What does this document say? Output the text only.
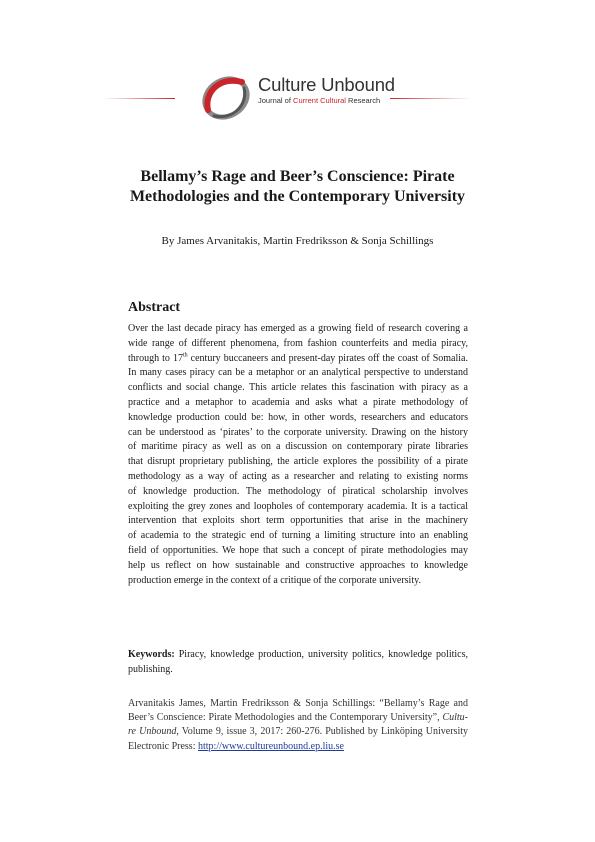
Culture Unbound
Journal of Current Cultural Research
Bellamy’s Rage and Beer’s Conscience: Pirate
Methodologies and the Contemporary University
By James Arvanitakis, Martin Fredriksson & Sonja Schillings
Abstract
Over the last decade piracy has emerged as a growing field of research covering a
wide range of different phenomena, from fashion counterfeits and media piracy,
through to 17th century buccaneers and present-day pirates off the coast of Somalia.
In many cases piracy can be a metaphor or an analytical perspective to understand
conflicts and social change. This article relates this fascination with piracy as a
practice and a metaphor to academia and asks what a pirate methodology of
knowledge production could be: how, in other words, researchers and educators
can be understood as ‘pirates’ to the corporate university. Drawing on the history
of maritime piracy as well as on a discussion on contemporary pirate libraries
that disrupt proprietary publishing, the article explores the possibility of a pirate
methodology as a way of acting as a researcher and relating to existing norms
of knowledge production. The methodology of piratical scholarship involves
exploiting the grey zones and loopholes of contemporary academia. It is a tactical
intervention that exploits short term opportunities that arise in the machinery
of academia to the strategic end of turning a limiting structure into an enabling
field of opportunities. We hope that such a concept of pirate methodologies may
help us reflect on how sustainable and constructive approaches to knowledge
production emerge in the context of a critique of the corporate university.
Keywords: Piracy, knowledge production, university politics, knowledge politics,
publishing.
Arvanitakis James, Martin Fredriksson & Sonja Schillings: “Bellamy’s Rage and
Beer’s Conscience: Pirate Methodologies and the Contemporary University”, Cultu-
re Unbound, Volume 9, issue 3, 2017: 260-276. Published by Linköping University
Electronic Press: http://www.cultureunbound.ep.liu.se
